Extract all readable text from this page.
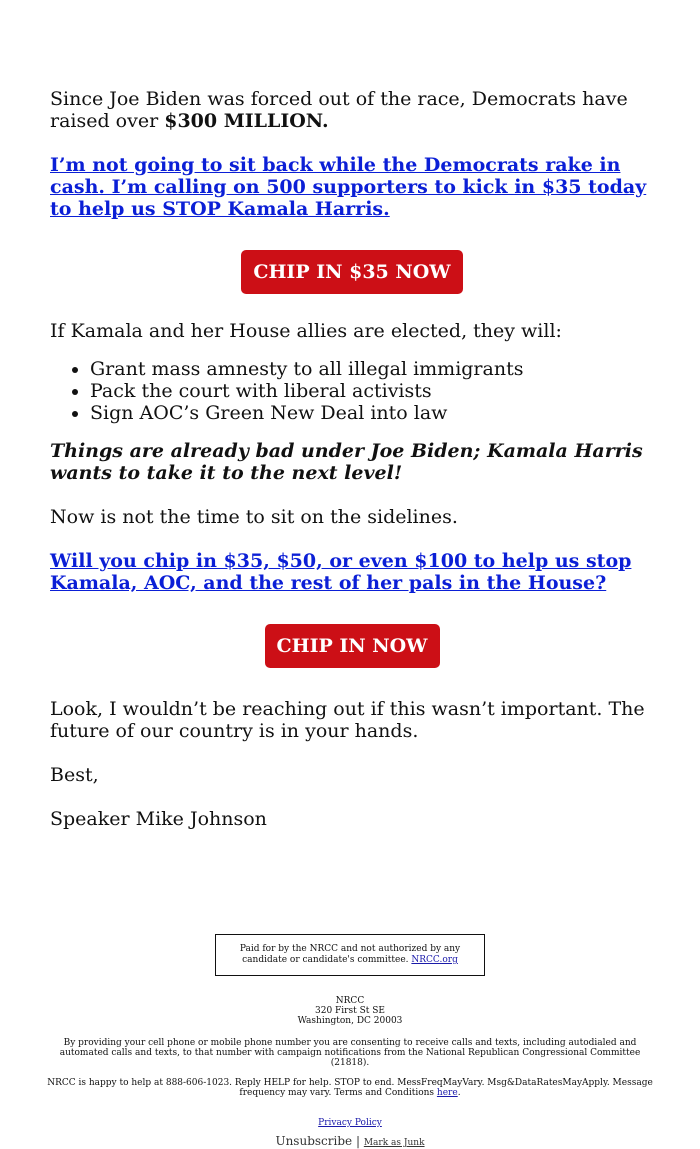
Since Joe Biden was forced out of the race, Democrats have raised over $300 MILLION.

I’m not going to sit back while the Democrats rake in cash. I’m calling on 500 supporters to kick in $35 today to help us STOP Kamala Harris.

CHIP IN $35 NOW

If Kamala and her House allies are elected, they will:

• Grant mass amnesty to all illegal immigrants
• Pack the court with liberal activists
• Sign AOC’s Green New Deal into law

Things are already bad under Joe Biden; Kamala Harris wants to take it to the next level!

Now is not the time to sit on the sidelines.

Will you chip in $35, $50, or even $100 to help us stop Kamala, AOC, and the rest of her pals in the House?

CHIP IN NOW

Look, I wouldn’t be reaching out if this wasn’t important. The future of our country is in your hands.

Best,

Speaker Mike Johnson

Paid for by the NRCC and not authorized by any candidate or candidate's committee. NRCC.org
NRCC
320 First St SE
Washington, DC 20003
By providing your cell phone or mobile phone number you are consenting to receive calls and texts, including autodialed and automated calls and texts, to that number with campaign notifications from the National Republican Congressional Committee (21818).
NRCC is happy to help at 888-606-1023. Reply HELP for help. STOP to end. MessFreqMayVary. Msg&DataRatesMayApply. Message frequency may vary. Terms and Conditions here.
Privacy Policy
Unsubscribe | Mark as Junk
